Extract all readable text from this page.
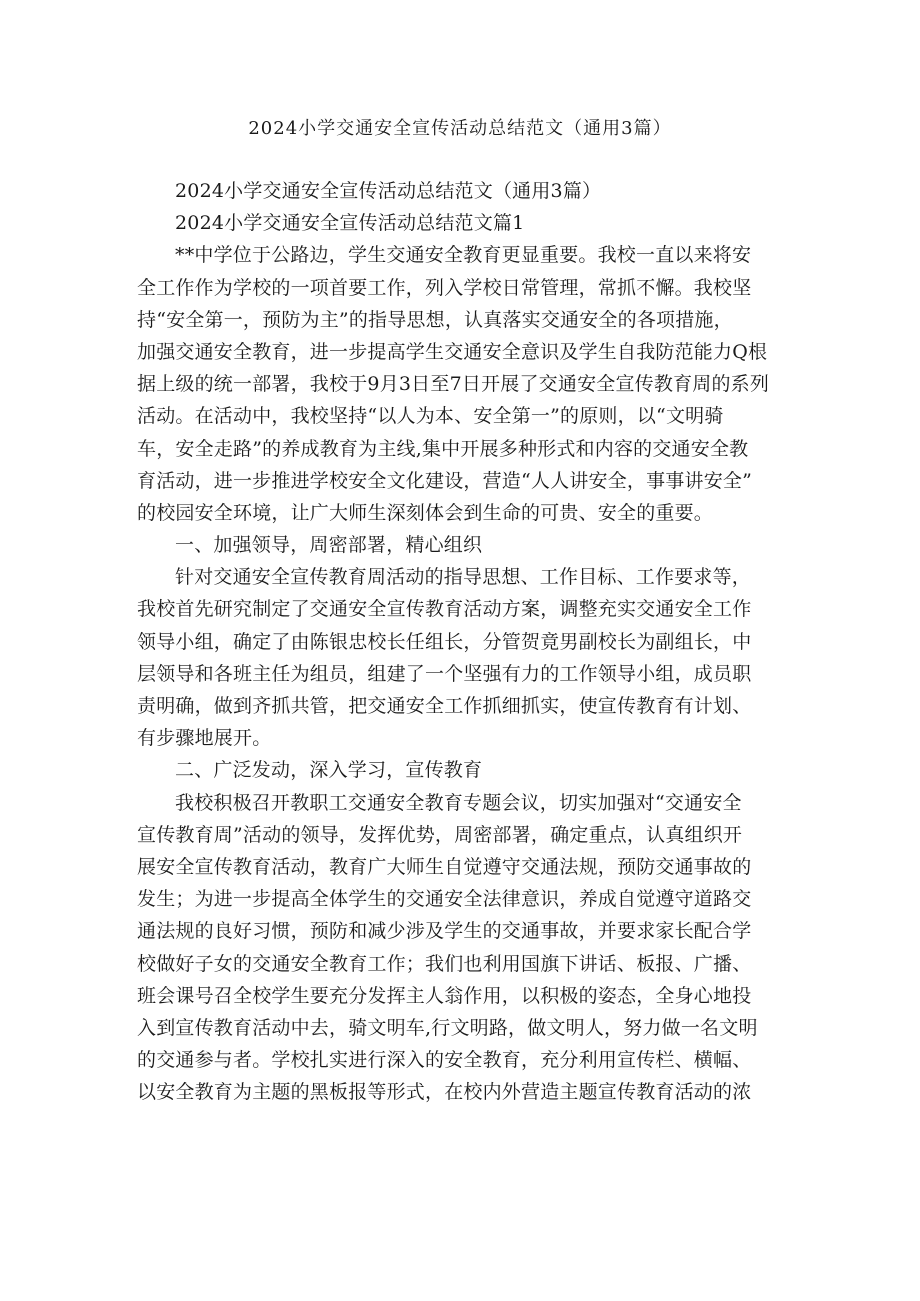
2024小学交通安全宣传活动总结范文（通用3篇）
2024小学交通安全宣传活动总结范文（通用3篇）
2024小学交通安全宣传活动总结范文篇1
**中学位于公路边，学生交通安全教育更显重要。我校一直以来将安
全工作作为学校的一项首要工作，列入学校日常管理，常抓不懈。我校坚
持“安全第一，预防为主”的指导思想，认真落实交通安全的各项措施，
加强交通安全教育，进一步提高学生交通安全意识及学生自我防范能力Q根
据上级的统一部署，我校于9月3日至7日开展了交通安全宣传教育周的系列
活动。在活动中，我校坚持“以人为本、安全第一”的原则，以“文明骑
车，安全走路”的养成教育为主线,集中开展多种形式和内容的交通安全教
育活动，进一步推进学校安全文化建设，营造“人人讲安全，事事讲安全”
的校园安全环境，让广大师生深刻体会到生命的可贵、安全的重要。
一、加强领导，周密部署，精心组织
针对交通安全宣传教育周活动的指导思想、工作目标、工作要求等，
我校首先研究制定了交通安全宣传教育活动方案，调整充实交通安全工作
领导小组，确定了由陈银忠校长任组长，分管贺竟男副校长为副组长，中
层领导和各班主任为组员，组建了一个坚强有力的工作领导小组，成员职
责明确，做到齐抓共管，把交通安全工作抓细抓实，使宣传教育有计划、
有步骤地展开。
二、广泛发动，深入学习，宣传教育
我校积极召开教职工交通安全教育专题会议，切实加强对“交通安全
宣传教育周”活动的领导，发挥优势，周密部署，确定重点，认真组织开
展安全宣传教育活动，教育广大师生自觉遵守交通法规，预防交通事故的
发生；为进一步提高全体学生的交通安全法律意识，养成自觉遵守道路交
通法规的良好习惯，预防和减少涉及学生的交通事故，并要求家长配合学
校做好子女的交通安全教育工作；我们也利用国旗下讲话、板报、广播、
班会课号召全校学生要充分发挥主人翁作用，以积极的姿态，全身心地投
入到宣传教育活动中去，骑文明车,行文明路，做文明人，努力做一名文明
的交通参与者。学校扎实进行深入的安全教育，充分利用宣传栏、横幅、
以安全教育为主题的黑板报等形式，在校内外营造主题宣传教育活动的浓
